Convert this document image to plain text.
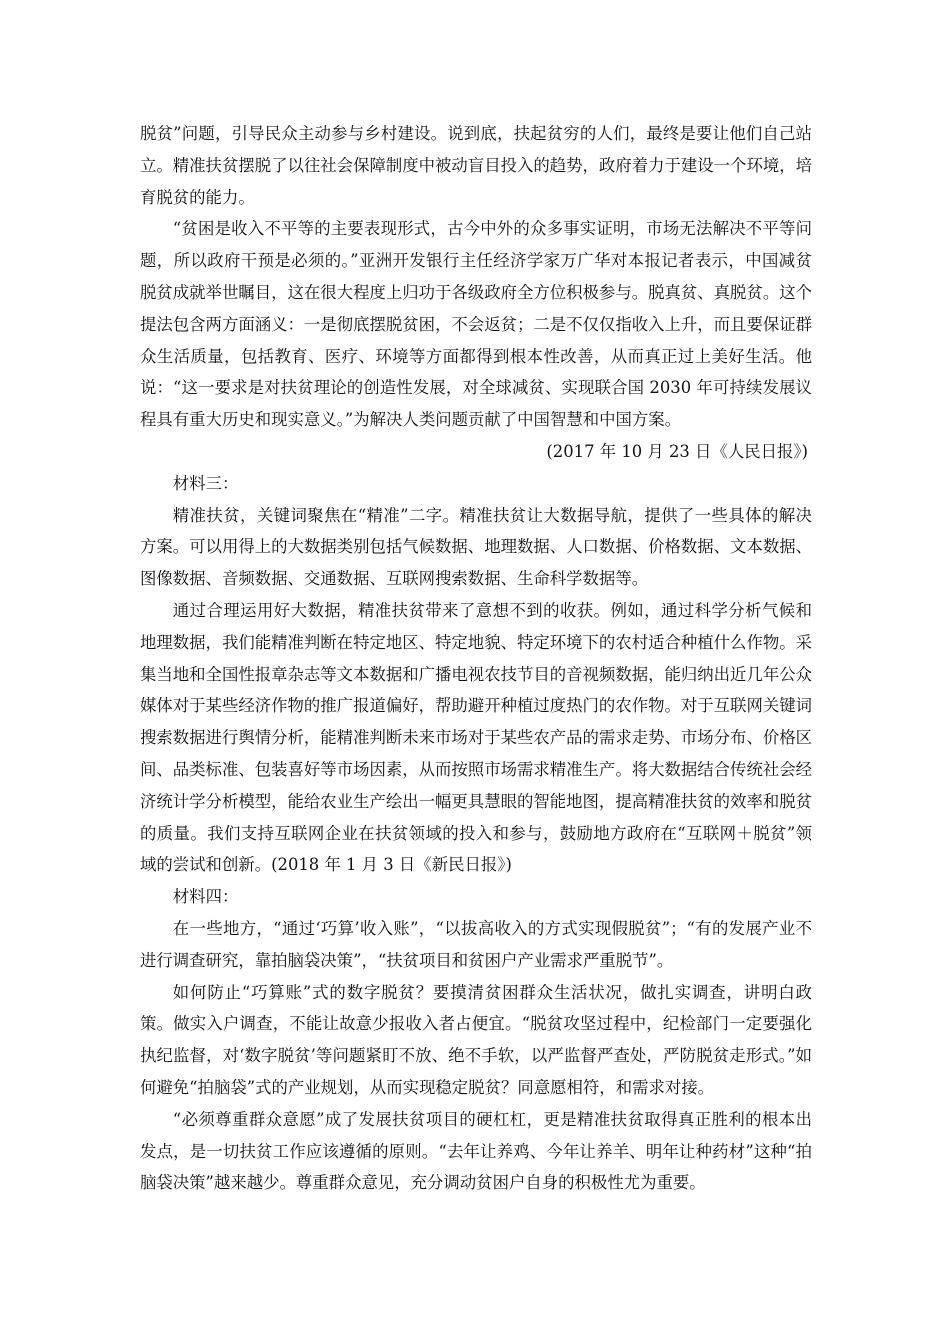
脱贫”问题，引导民众主动参与乡村建设。说到底，扶起贫穷的人们，最终是要让他们自己站立。精准扶贫摆脱了以往社会保障制度中被动盲目投入的趋势，政府着力于建设一个环境，培育脱贫的能力。

“贫困是收入不平等的主要表现形式，古今中外的众多事实证明，市场无法解决不平等问题，所以政府干预是必须的。”亚洲开发银行主任经济学家万广华对本报记者表示，中国减贫脱贫成就举世瞩目，这在很大程度上归功于各级政府全方位积极参与。脱真贫、真脱贫。这个提法包含两方面涵义：一是彻底摆脱贫困，不会返贫；二是不仅仅指收入上升，而且要保证群众生活质量，包括教育、医疗、环境等方面都得到根本性改善，从而真正过上美好生活。他说：“这一要求是对扶贫理论的创造性发展，对全球减贫、实现联合国 2030 年可持续发展议程具有重大历史和现实意义。”为解决人类问题贡献了中国智慧和中国方案。

(2017 年 10 月 23 日《人民日报》)

材料三：

精准扶贫，关键词聚焦在“精准”二字。精准扶贫让大数据导航，提供了一些具体的解决方案。可以用得上的大数据类别包括气候数据、地理数据、人口数据、价格数据、文本数据、图像数据、音频数据、交通数据、互联网搜索数据、生命科学数据等。

通过合理运用好大数据，精准扶贫带来了意想不到的收获。例如，通过科学分析气候和地理数据，我们能精准判断在特定地区、特定地貌、特定环境下的农村适合种植什么作物。采集当地和全国性报章杂志等文本数据和广播电视农技节目的音视频数据，能归纳出近几年公众媒体对于某些经济作物的推广报道偏好，帮助避开种植过度热门的农作物。对于互联网关键词搜索数据进行舆情分析，能精准判断未来市场对于某些农产品的需求走势、市场分布、价格区间、品类标准、包装喜好等市场因素，从而按照市场需求精准生产。将大数据结合传统社会经济统计学分析模型，能给农业生产绘出一幅更具慧眼的智能地图，提高精准扶贫的效率和脱贫的质量。我们支持互联网企业在扶贫领域的投入和参与，鼓励地方政府在“互联网＋脱贫”领域的尝试和创新。(2018 年 1 月 3 日《新民日报》)

材料四：

在一些地方，“通过‘巧算’收入账”，“以拔高收入的方式实现假脱贫”；“有的发展产业不进行调查研究，靠拍脑袋决策”，“扶贫项目和贫困户产业需求严重脱节”。

如何防止“巧算账”式的数字脱贫？要摸清贫困群众生活状况，做扎实调查，讲明白政策。做实入户调查，不能让故意少报收入者占便宜。“脱贫攻坚过程中，纪检部门一定要强化执纪监督，对‘数字脱贫’等问题紧盯不放、绝不手软，以严监督严查处，严防脱贫走形式。”如何避免“拍脑袋”式的产业规划，从而实现稳定脱贫？同意愿相符，和需求对接。

“必须尊重群众意愿”成了发展扶贫项目的硬杠杠，更是精准扶贫取得真正胜利的根本出发点，是一切扶贫工作应该遵循的原则。“去年让养鸡、今年让养羊、明年让种药材”这种“拍脑袋决策”越来越少。尊重群众意见，充分调动贫困户自身的积极性尤为重要。
